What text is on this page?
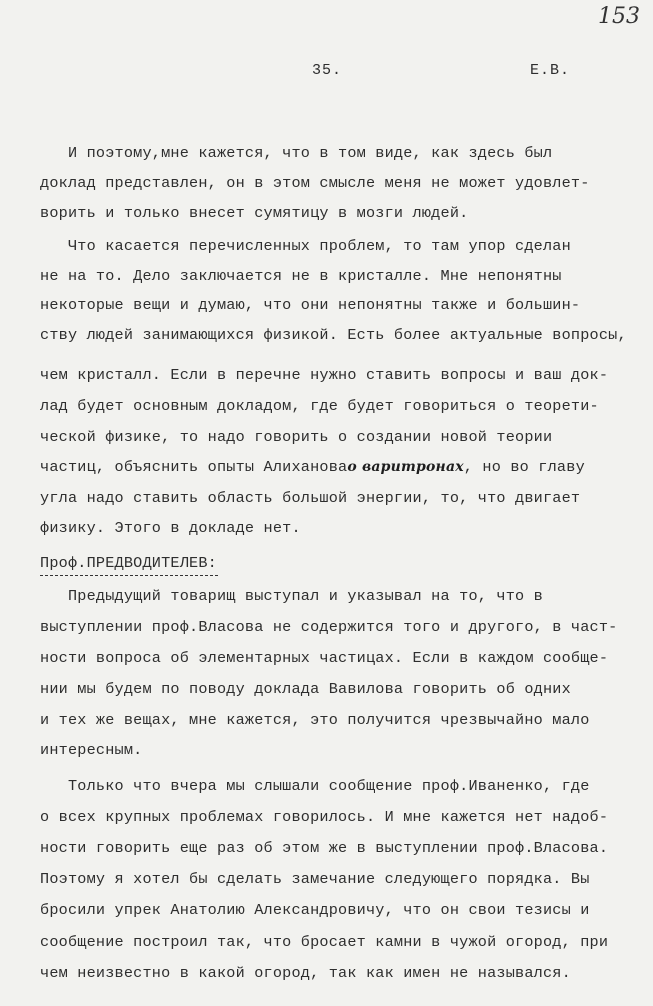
153
35.	Е.В.
И поэтому,мне кажется, что в том виде, как здесь был
доклад представлен, он в этом смысле меня не может удовлет-
ворить и только внесет сумятицу в мозги людей.
Что касается перечисленных проблем, то там упор сделан
не на то. Дело заключается не в кристалле. Мне непонятны
некоторые вещи и думаю, что они непонятны также и большин-
ству людей занимающихся физикой. Есть более актуальные вопросы,
чем кристалл. Если в перечне нужно ставить вопросы и ваш док-
лад будет основным докладом, где будет говориться о теорети-
ческой физике, то надо говорить о создании новой теории
частиц, объяснить опыты Алихановао варитронах, но во главу
угла надо ставить область большой энергии, то, что двигает
физику. Этого в докладе нет.
Проф.ПРЕДВОДИТЕЛЕВ:
Предыдущий товарищ выступал и указывал на то, что в
выступлении проф.Власова не содержится того и другого, в част-
ности вопроса об элементарных частицах. Если в каждом сообще-
нии мы будем по поводу доклада Вавилова говорить об одних
и тех же вещах, мне кажется, это получится чрезвычайно мало
интересным.
Только что вчера мы слышали сообщение проф.Иваненко, где
о всех крупных проблемах говорилось. И мне кажется нет надоб-
ности говорить еще раз об этом же в выступлении проф.Власова.
Поэтому я хотел бы сделать замечание следующего порядка. Вы
бросили упрек Анатолию Александровичу, что он свои тезисы и
сообщение построил так, что бросает камни в чужой огород, при
чем неизвестно в какой огород, так как имен не назывался.
